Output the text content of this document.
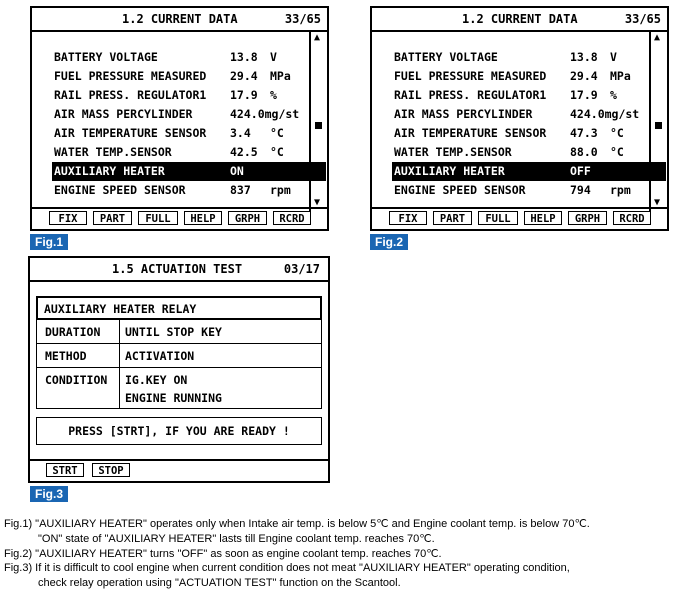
1.2 CURRENT DATA	33/65
▲
▼
BATTERY VOLTAGE	13.8 V
FUEL PRESSURE MEASURED 29.4 MPa
RAIL PRESS. REGULATOR1 17.9 %
AIR MASS PERCYLINDER	424.0mg/st
AIR TEMPERATURE SENSOR 3.4 °C
WATER TEMP.SENSOR	42.5 °C
AUXILIARY HEATER	ON
ENGINE SPEED SENSOR	837 rpm
FIX	PART	FULL	HELP	GRPH	RCRD
Fig.1
1.2 CURRENT DATA	33/65
▲
▼
BATTERY VOLTAGE	13.8 V
FUEL PRESSURE MEASURED 29.4 MPa
RAIL PRESS. REGULATOR1 17.9 %
AIR MASS PERCYLINDER	424.0mg/st
AIR TEMPERATURE SENSOR 47.3 °C
WATER TEMP.SENSOR	88.0 °C
AUXILIARY HEATER	OFF
ENGINE SPEED SENSOR	794 rpm
FIX	PART	FULL	HELP	GRPH	RCRD
Fig.2
1.5 ACTUATION TEST	03/17
AUXILIARY HEATER RELAY
DURATION UNTIL STOP KEY
METHOD	ACTIVATION
CONDITION IG.KEY ON
ENGINE RUNNING
PRESS [STRT], IF YOU ARE READY !
STRT	STOP
Fig.3
Fig.1) "AUXILIARY HEATER" operates only when Intake air temp. is below 5℃ and Engine coolant temp. is below 70℃.
"ON" state of "AUXILIARY HEATER" lasts till Engine coolant temp. reaches 70℃.
Fig.2) "AUXILIARY HEATER" turns "OFF" as soon as engine coolant temp. reaches 70℃.
Fig.3) If it is difficult to cool engine when current condition does not meat "AUXILIARY HEATER" operating condition,
check relay operation using "ACTUATION TEST" function on the Scantool.
